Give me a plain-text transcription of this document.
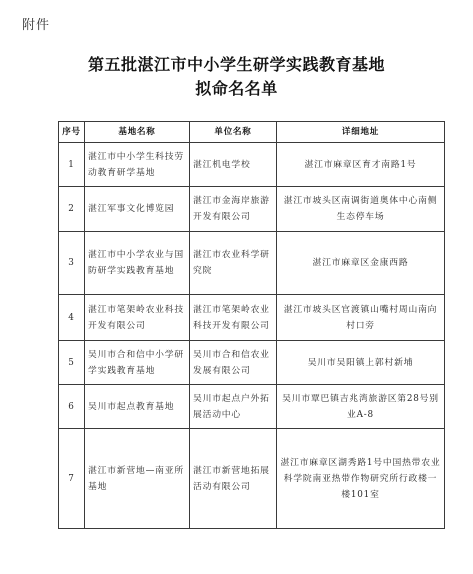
附件
第五批湛江市中小学生研学实践教育基地
拟命名名单
序号	基地名称	单位名称	详细地址
1	湛江市中小学生科技劳动教育研学基地	湛江机电学校	湛江市麻章区育才南路1号
2	湛江军事文化博览园	湛江市金海岸旅游开发有限公司	湛江市坡头区南调街道奥体中心南侧生态停车场
3	湛江市中小学农业与国防研学实践教育基地	湛江市农业科学研究院	湛江市麻章区金康西路
4	湛江市笔架岭农业科技开发有限公司	湛江市笔架岭农业科技开发有限公司	湛江市坡头区官渡镇山嘴村周山南向村口旁
5	吴川市合和信中小学研学实践教育基地	吴川市合和信农业发展有限公司	吴川市吴阳镇上郭村新埔
6	吴川市起点教育基地	吴川市起点户外拓展活动中心	吴川市覃巴镇吉兆湾旅游区第28号别业A-8
7	湛江市新营地—南亚所基地	湛江市新营地拓展活动有限公司	湛江市麻章区湖秀路1号中国热带农业科学院南亚热带作物研究所行政楼一楼101室
